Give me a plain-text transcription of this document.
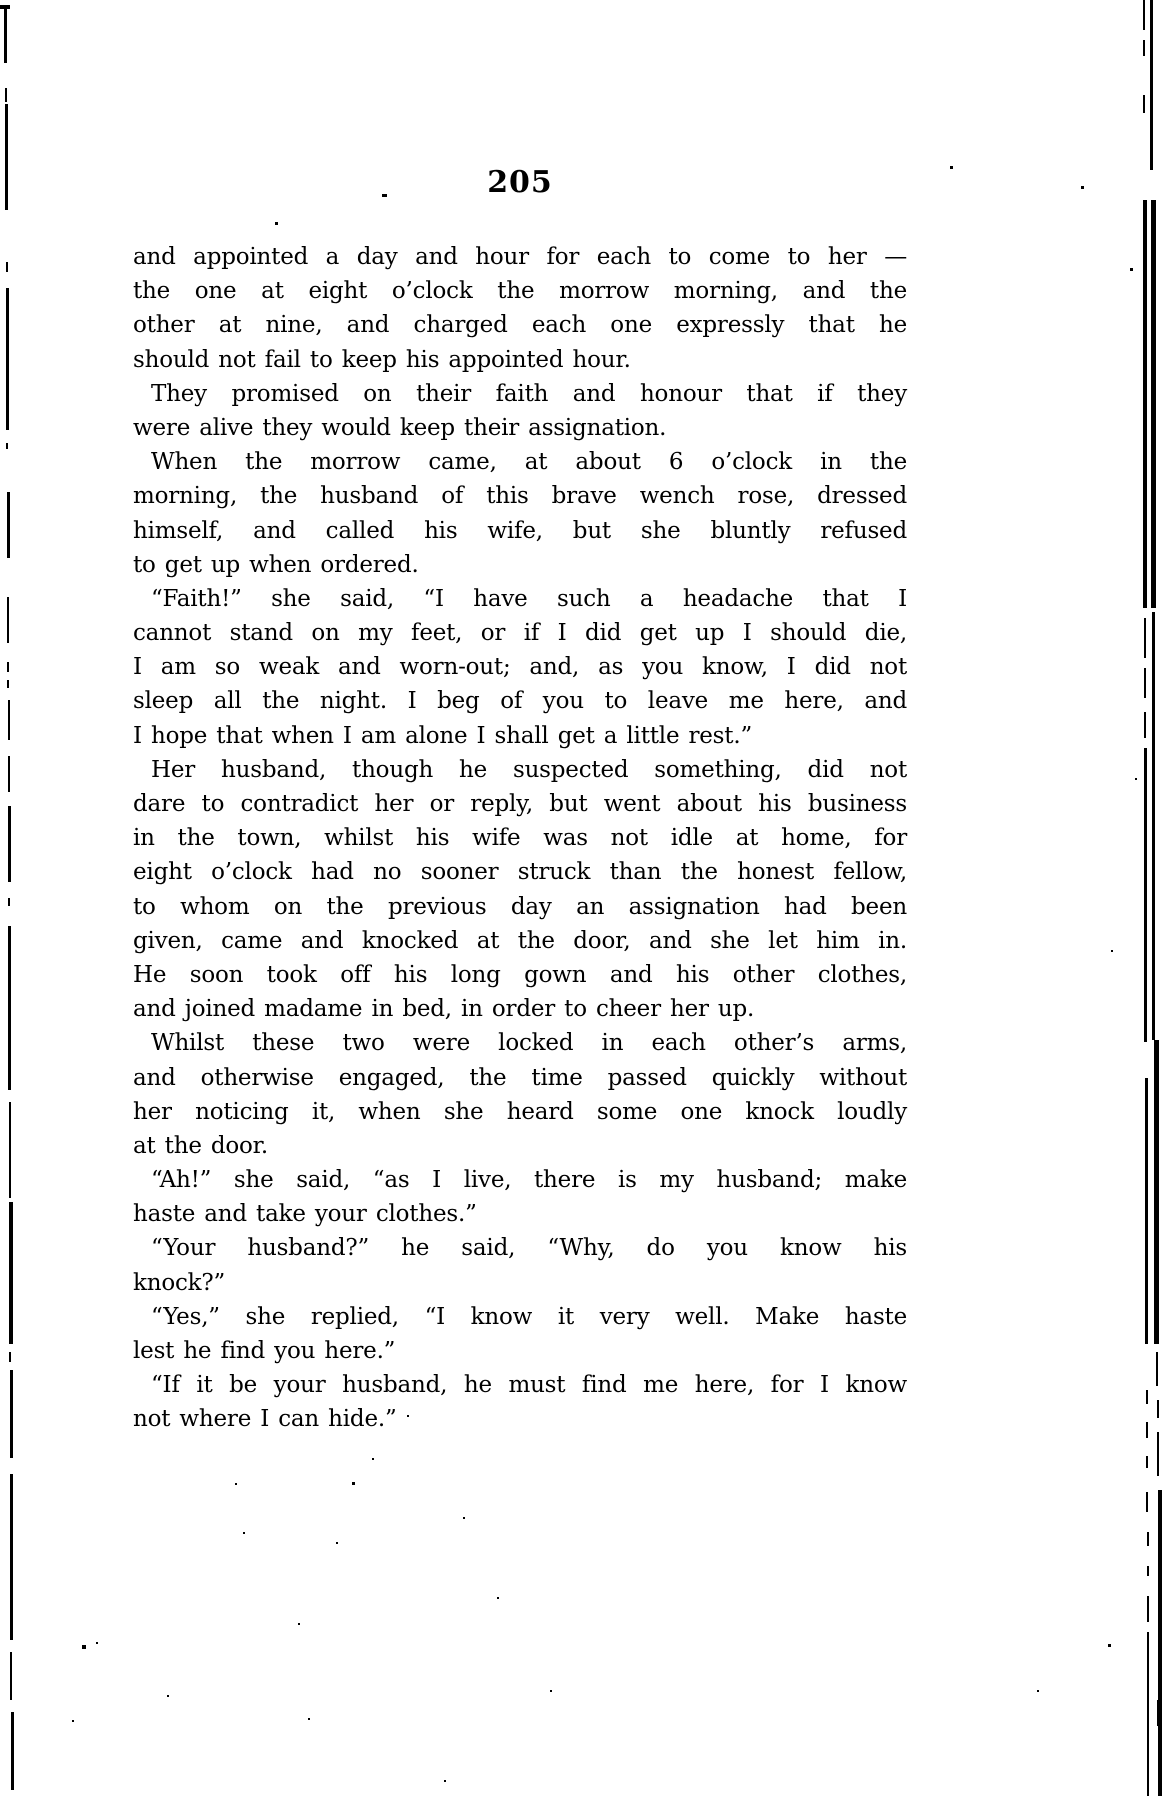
205
and appointed a day and hour for each to come to her —
the one at eight o’clock the morrow morning, and the
other at nine, and charged each one expressly that he
should not fail to keep his appointed hour.
They promised on their faith and honour that if they
were alive they would keep their assignation.
When the morrow came, at about 6 o’clock in the
morning, the husband of this brave wench rose, dressed
himself, and called his wife, but she bluntly refused
to get up when ordered.
“Faith!” she said, “I have such a headache that I
cannot stand on my feet, or if I did get up I should die,
I am so weak and worn-out; and, as you know, I did not
sleep all the night. I beg of you to leave me here, and
I hope that when I am alone I shall get a little rest.”
Her husband, though he suspected something, did not
dare to contradict her or reply, but went about his business
in the town, whilst his wife was not idle at home, for
eight o’clock had no sooner struck than the honest fellow,
to whom on the previous day an assignation had been
given, came and knocked at the door, and she let him in.
He soon took off his long gown and his other clothes,
and joined madame in bed, in order to cheer her up.
Whilst these two were locked in each other’s arms,
and otherwise engaged, the time passed quickly without
her noticing it, when she heard some one knock loudly
at the door.
“Ah!” she said, “as I live, there is my husband; make
haste and take your clothes.”
“Your husband?” he said, “Why, do you know his
knock?”
“Yes,” she replied, “I know it very well. Make haste
lest he find you here.”
“If it be your husband, he must find me here, for I know
not where I can hide.”
